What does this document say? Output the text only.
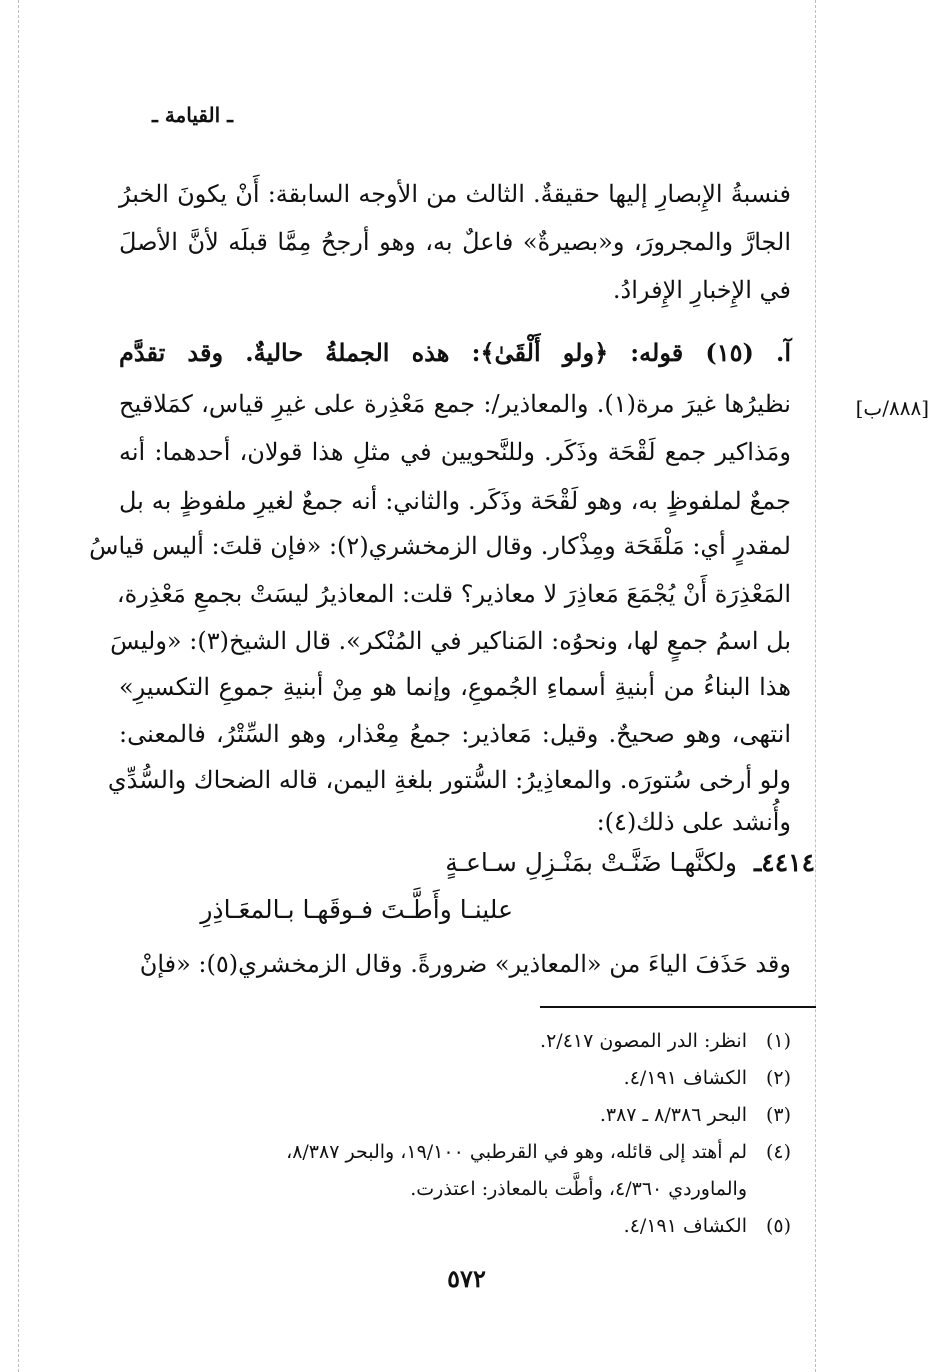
ـ القيامة ـ
[٨٨٨/ب]
فنسبةُ الإِبصارِ إليها حقيقةٌ. الثالث من الأوجه السابقة: أَنْ يكونَ الخبرُ
الجارَّ والمجرورَ، و«بصيرةٌ» فاعلٌ به، وهو أرجحُ مِمَّا قبلَه لأنَّ الأصلَ
في الإِخبارِ الإِفرادُ.
آ. (١٥) قوله: ﴿ولو أَلْقَىٰ﴾: هذه الجملةُ حاليةٌ. وقد تقدَّم
نظيرُها غيرَ مرة(١). والمعاذير/: جمع مَعْذِرة على غيرِ قياس، كمَلاقيح
ومَذاكير جمع لَقْحَة وذَكَر. وللنَّحويين في مثلِ هذا قولان، أحدهما: أنه
جمعٌ لملفوظٍ به، وهو لَقْحَة وذَكَر. والثاني: أنه جمعٌ لغيرِ ملفوظٍ به بل
لمقدرٍ أي: مَلْقَحَة ومِذْكار. وقال الزمخشري(٢): «فإن قلتَ: أليس قياسُ
المَعْذِرَة أَنْ يُجْمَعَ مَعاذِرَ لا معاذير؟ قلت: المعاذيرُ ليسَتْ بجمعِ مَعْذِرة،
بل اسمُ جمعٍ لها، ونحوُه: المَناكير في المُنْكر». قال الشيخ(٣): «وليسَ
هذا البناءُ من أبنيةِ أسماءِ الجُموعِ، وإنما هو مِنْ أبنيةِ جموعِ التكسيرِ»
انتهى، وهو صحيحٌ. وقيل: مَعاذير: جمعُ مِعْذار، وهو السِّتْرُ، فالمعنى:
ولو أرخى سُتورَه. والمعاذِيرُ: السُّتور بلغةِ اليمن، قاله الضحاك والسُّدِّي
وأُنشد على ذلك(٤):
٤٤١٤ـ
ولكنَّهـا ضَنَّـتْ بمَنْـزِلِ سـاعـةٍ
علينـا وأَطَّـتَ فـوقَهـا بـالمعَـاذِرِ
وقد حَذَفَ الياءَ من «المعاذير» ضرورةً. وقال الزمخشري(٥): «فإنْ
(١)انظر: الدر المصون ٢/٤١٧.
(٢)الكشاف ٤/١٩١.
(٣)البحر ٨/٣٨٦ ـ ٣٨٧.
(٤)لم أهتد إلى قائله، وهو في القرطبي ١٩/١٠٠، والبحر ٨/٣٨٧،
والماوردي ٤/٣٦٠، وأطَّت بالمعاذر: اعتذرت.
(٥)الكشاف ٤/١٩١.
٥٧٢
